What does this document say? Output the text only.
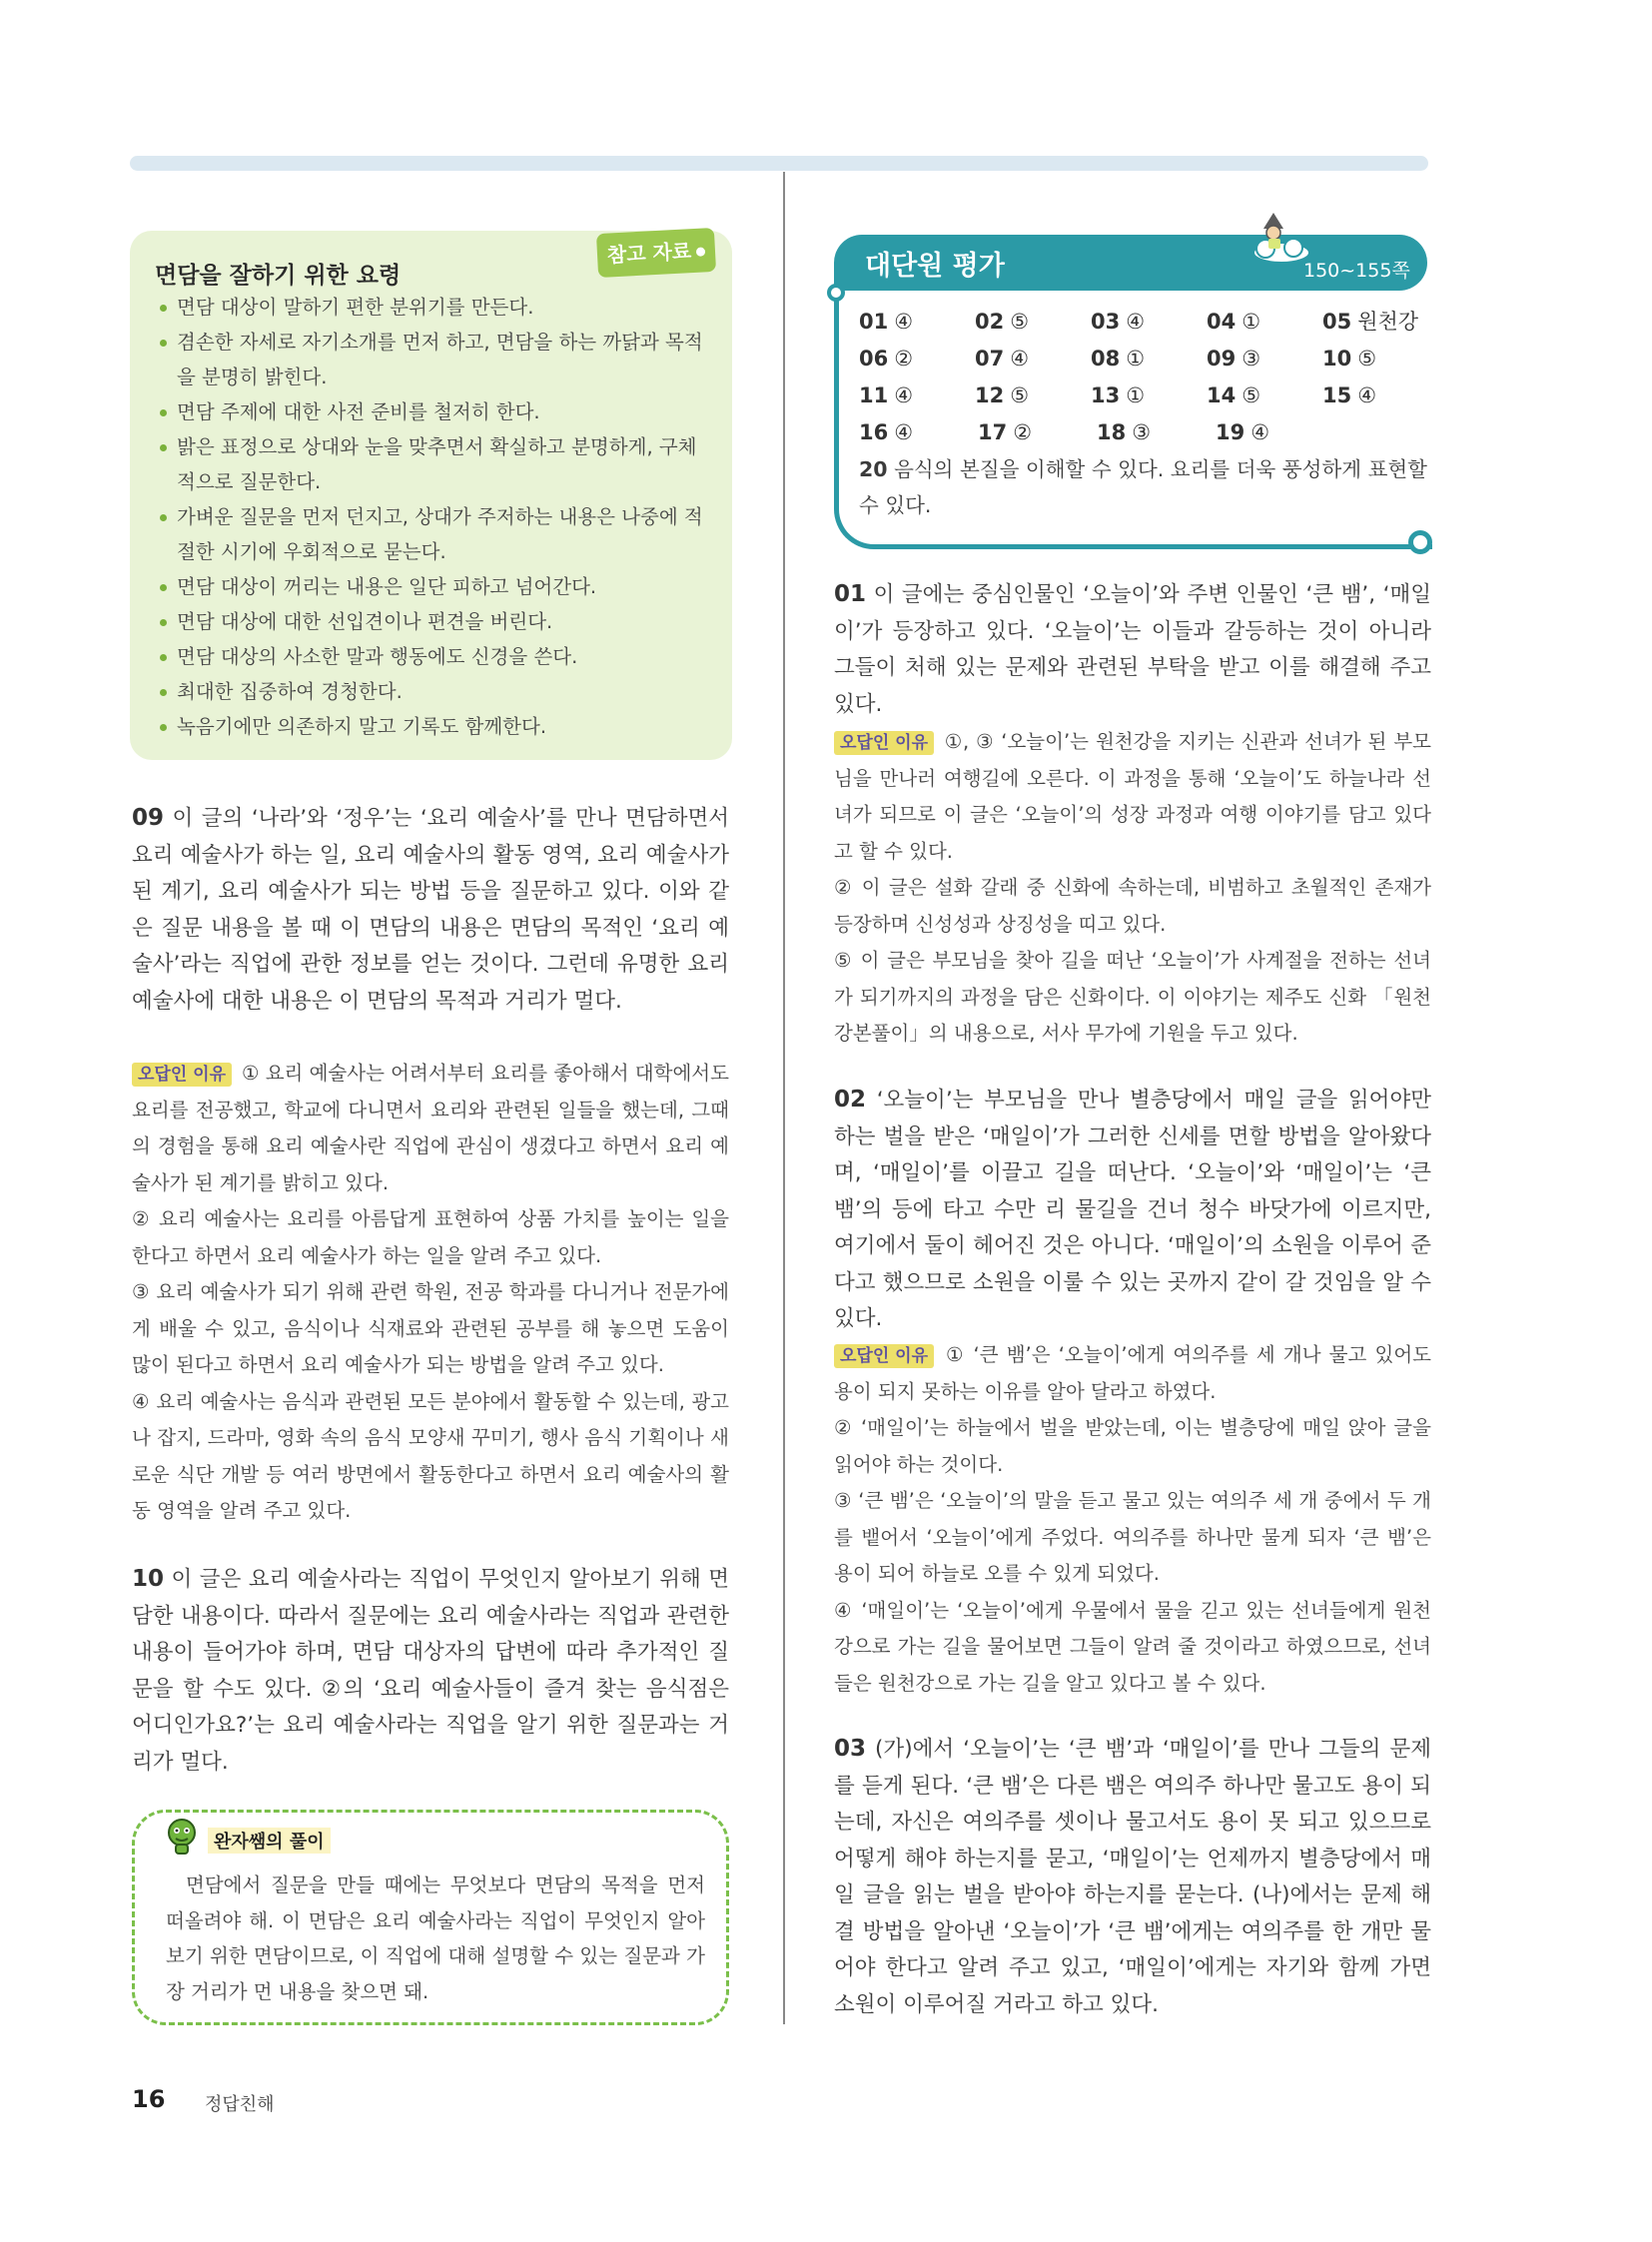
참고 자료
면담을 잘하기 위한 요령
면담 대상이 말하기 편한 분위기를 만든다.
겸손한 자세로 자기소개를 먼저 하고, 면담을 하는 까닭과 목적을 분명히 밝힌다.
면담 주제에 대한 사전 준비를 철저히 한다.
밝은 표정으로 상대와 눈을 맞추면서 확실하고 분명하게, 구체적으로 질문한다.
가벼운 질문을 먼저 던지고, 상대가 주저하는 내용은 나중에 적절한 시기에 우회적으로 묻는다.
면담 대상이 꺼리는 내용은 일단 피하고 넘어간다.
면담 대상에 대한 선입견이나 편견을 버린다.
면담 대상의 사소한 말과 행동에도 신경을 쓴다.
최대한 집중하여 경청한다.
녹음기에만 의존하지 말고 기록도 함께한다.
09 이 글의 ‘나라’와 ‘정우’는 ‘요리 예술사’를 만나 면담하면서 요리 예술사가 하는 일, 요리 예술사의 활동 영역, 요리 예술사가 된 계기, 요리 예술사가 되는 방법 등을 질문하고 있다. 이와 같은 질문 내용을 볼 때 이 면담의 내용은 면담의 목적인 ‘요리 예술사’라는 직업에 관한 정보를 얻는 것이다. 그런데 유명한 요리 예술사에 대한 내용은 이 면담의 목적과 거리가 멀다.

오답인 이유 ① 요리 예술사는 어려서부터 요리를 좋아해서 대학에서도 요리를 전공했고, 학교에 다니면서 요리와 관련된 일들을 했는데, 그때의 경험을 통해 요리 예술사란 직업에 관심이 생겼다고 하면서 요리 예술사가 된 계기를 밝히고 있다.

② 요리 예술사는 요리를 아름답게 표현하여 상품 가치를 높이는 일을 한다고 하면서 요리 예술사가 하는 일을 알려 주고 있다.

③ 요리 예술사가 되기 위해 관련 학원, 전공 학과를 다니거나 전문가에게 배울 수 있고, 음식이나 식재료와 관련된 공부를 해 놓으면 도움이 많이 된다고 하면서 요리 예술사가 되는 방법을 알려 주고 있다.

④ 요리 예술사는 음식과 관련된 모든 분야에서 활동할 수 있는데, 광고나 잡지, 드라마, 영화 속의 음식 모양새 꾸미기, 행사 음식 기획이나 새로운 식단 개발 등 여러 방면에서 활동한다고 하면서 요리 예술사의 활동 영역을 알려 주고 있다.

10 이 글은 요리 예술사라는 직업이 무엇인지 알아보기 위해 면담한 내용이다. 따라서 질문에는 요리 예술사라는 직업과 관련한 내용이 들어가야 하며, 면담 대상자의 답변에 따라 추가적인 질문을 할 수도 있다. ②의 ‘요리 예술사들이 즐겨 찾는 음식점은 어디인가요?’는 요리 예술사라는 직업을 알기 위한 질문과는 거리가 멀다.
완자쌤의 풀이
면담에서 질문을 만들 때에는 무엇보다 면담의 목적을 먼저 떠올려야 해. 이 면담은 요리 예술사라는 직업이 무엇인지 알아보기 위한 면담이므로, 이 직업에 대해 설명할 수 있는 질문과 가장 거리가 먼 내용을 찾으면 돼.
16 정답친해
대단원 평가	150~155쪽
01 ④	02 ⑤	03 ④	04 ①	05 원천강
06 ②	07 ④	08 ①	09 ③	10 ⑤
11 ④	12 ⑤	13 ①	14 ⑤	15 ④
16 ④	17 ②	18 ③	19 ④
20 음식의 본질을 이해할 수 있다. 요리를 더욱 풍성하게 표현할 수 있다.
01 이 글에는 중심인물인 ‘오늘이’와 주변 인물인 ‘큰 뱀’, ‘매일이’가 등장하고 있다. ‘오늘이’는 이들과 갈등하는 것이 아니라 그들이 처해 있는 문제와 관련된 부탁을 받고 이를 해결해 주고 있다.

오답인 이유 ①, ③ ‘오늘이’는 원천강을 지키는 신관과 선녀가 된 부모님을 만나러 여행길에 오른다. 이 과정을 통해 ‘오늘이’도 하늘나라 선녀가 되므로 이 글은 ‘오늘이’의 성장 과정과 여행 이야기를 담고 있다고 할 수 있다.

② 이 글은 설화 갈래 중 신화에 속하는데, 비범하고 초월적인 존재가 등장하며 신성성과 상징성을 띠고 있다.

⑤ 이 글은 부모님을 찾아 길을 떠난 ‘오늘이’가 사계절을 전하는 선녀가 되기까지의 과정을 담은 신화이다. 이 이야기는 제주도 신화 「원천강본풀이」의 내용으로, 서사 무가에 기원을 두고 있다.

02 ‘오늘이’는 부모님을 만나 별층당에서 매일 글을 읽어야만 하는 벌을 받은 ‘매일이’가 그러한 신세를 면할 방법을 알아왔다며, ‘매일이’를 이끌고 길을 떠난다. ‘오늘이’와 ‘매일이’는 ‘큰 뱀’의 등에 타고 수만 리 물길을 건너 청수 바닷가에 이르지만, 여기에서 둘이 헤어진 것은 아니다. ‘매일이’의 소원을 이루어 준다고 했으므로 소원을 이룰 수 있는 곳까지 같이 갈 것임을 알 수 있다.

오답인 이유 ① ‘큰 뱀’은 ‘오늘이’에게 여의주를 세 개나 물고 있어도 용이 되지 못하는 이유를 알아 달라고 하였다.

② ‘매일이’는 하늘에서 벌을 받았는데, 이는 별층당에 매일 앉아 글을 읽어야 하는 것이다.

③ ‘큰 뱀’은 ‘오늘이’의 말을 듣고 물고 있는 여의주 세 개 중에서 두 개를 뱉어서 ‘오늘이’에게 주었다. 여의주를 하나만 물게 되자 ‘큰 뱀’은 용이 되어 하늘로 오를 수 있게 되었다.

④ ‘매일이’는 ‘오늘이’에게 우물에서 물을 긷고 있는 선녀들에게 원천강으로 가는 길을 물어보면 그들이 알려 줄 것이라고 하였으므로, 선녀들은 원천강으로 가는 길을 알고 있다고 볼 수 있다.

03 (가)에서 ‘오늘이’는 ‘큰 뱀’과 ‘매일이’를 만나 그들의 문제를 듣게 된다. ‘큰 뱀’은 다른 뱀은 여의주 하나만 물고도 용이 되는데, 자신은 여의주를 셋이나 물고서도 용이 못 되고 있으므로 어떻게 해야 하는지를 묻고, ‘매일이’는 언제까지 별층당에서 매일 글을 읽는 벌을 받아야 하는지를 묻는다. (나)에서는 문제 해결 방법을 알아낸 ‘오늘이’가 ‘큰 뱀’에게는 여의주를 한 개만 물어야 한다고 알려 주고 있고, ‘매일이’에게는 자기와 함께 가면 소원이 이루어질 거라고 하고 있다.
